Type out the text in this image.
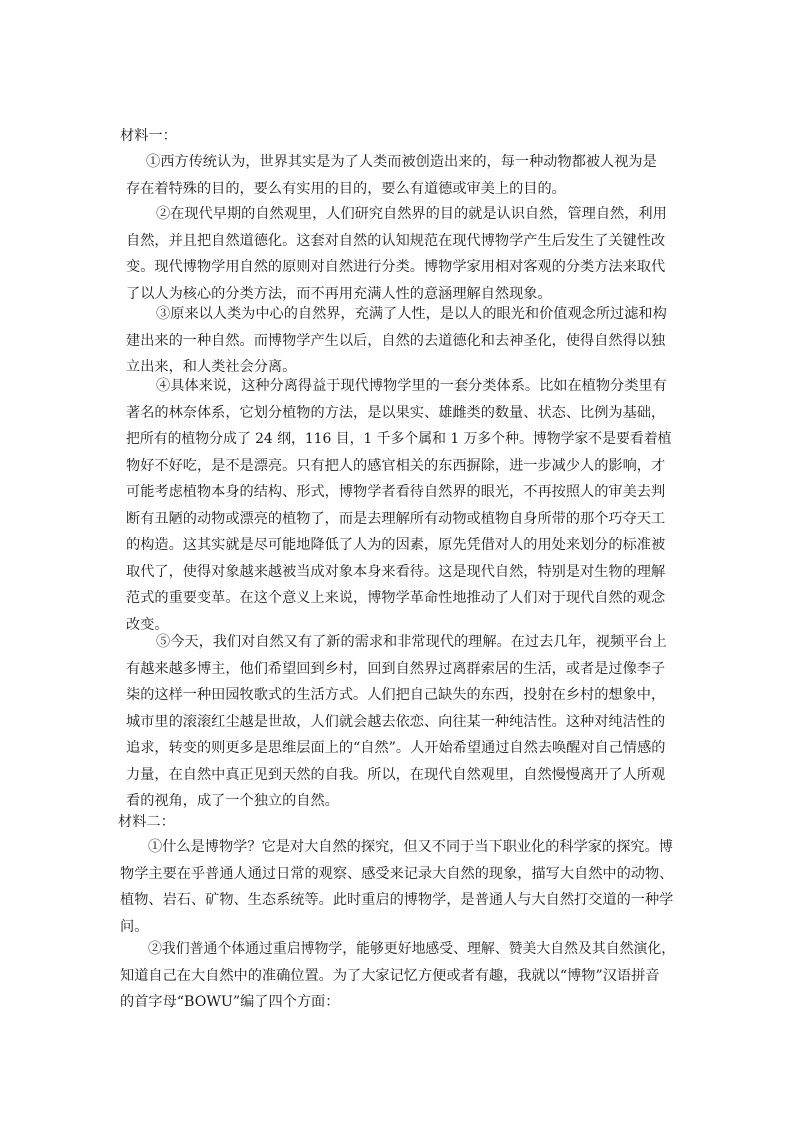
材料一：
①西方传统认为，世界其实是为了人类而被创造出来的，每一种动物都被人视为是
存在着特殊的目的，要么有实用的目的，要么有道德或审美上的目的。
②在现代早期的自然观里，人们研究自然界的目的就是认识自然，管理自然，利用
自然，并且把自然道德化。这套对自然的认知规范在现代博物学产生后发生了关键性改
变。现代博物学用自然的原则对自然进行分类。博物学家用相对客观的分类方法来取代
了以人为核心的分类方法，而不再用充满人性的意涵理解自然现象。
③原来以人类为中心的自然界，充满了人性，是以人的眼光和价值观念所过滤和构
建出来的一种自然。而博物学产生以后，自然的去道德化和去神圣化，使得自然得以独
立出来，和人类社会分离。
④具体来说，这种分离得益于现代博物学里的一套分类体系。比如在植物分类里有
著名的林奈体系，它划分植物的方法，是以果实、雄雌类的数量、状态、比例为基础，
把所有的植物分成了 24 纲，116 目，1 千多个属和 1 万多个种。博物学家不是要看着植
物好不好吃，是不是漂亮。只有把人的感官相关的东西摒除，进一步减少人的影响，才
可能考虑植物本身的结构、形式，博物学者看待自然界的眼光，不再按照人的审美去判
断有丑陋的动物或漂亮的植物了，而是去理解所有动物或植物自身所带的那个巧夺天工
的构造。这其实就是尽可能地降低了人为的因素，原先凭借对人的用处来划分的标准被
取代了，使得对象越来越被当成对象本身来看待。这是现代自然，特别是对生物的理解
范式的重要变革。在这个意义上来说，博物学革命性地推动了人们对于现代自然的观念
改变。
⑤今天，我们对自然又有了新的需求和非常现代的理解。在过去几年，视频平台上
有越来越多博主，他们希望回到乡村，回到自然界过离群索居的生活，或者是过像李子
柒的这样一种田园牧歌式的生活方式。人们把自己缺失的东西，投射在乡村的想象中，
城市里的滚滚红尘越是世故，人们就会越去依恋、向往某一种纯洁性。这种对纯洁性的
追求，转变的则更多是思维层面上的“自然”。人开始希望通过自然去唤醒对自己情感的
力量，在自然中真正见到天然的自我。所以，在现代自然观里，自然慢慢离开了人所观
看的视角，成了一个独立的自然。
材料二：
①什么是博物学？它是对大自然的探究，但又不同于当下职业化的科学家的探究。博
物学主要在乎普通人通过日常的观察、感受来记录大自然的现象，描写大自然中的动物、
植物、岩石、矿物、生态系统等。此时重启的博物学，是普通人与大自然打交道的一种学
问。
②我们普通个体通过重启博物学，能够更好地感受、理解、赞美大自然及其自然演化，
知道自己在大自然中的准确位置。为了大家记忆方便或者有趣，我就以“博物”汉语拼音
的首字母“BOWU”编了四个方面：
